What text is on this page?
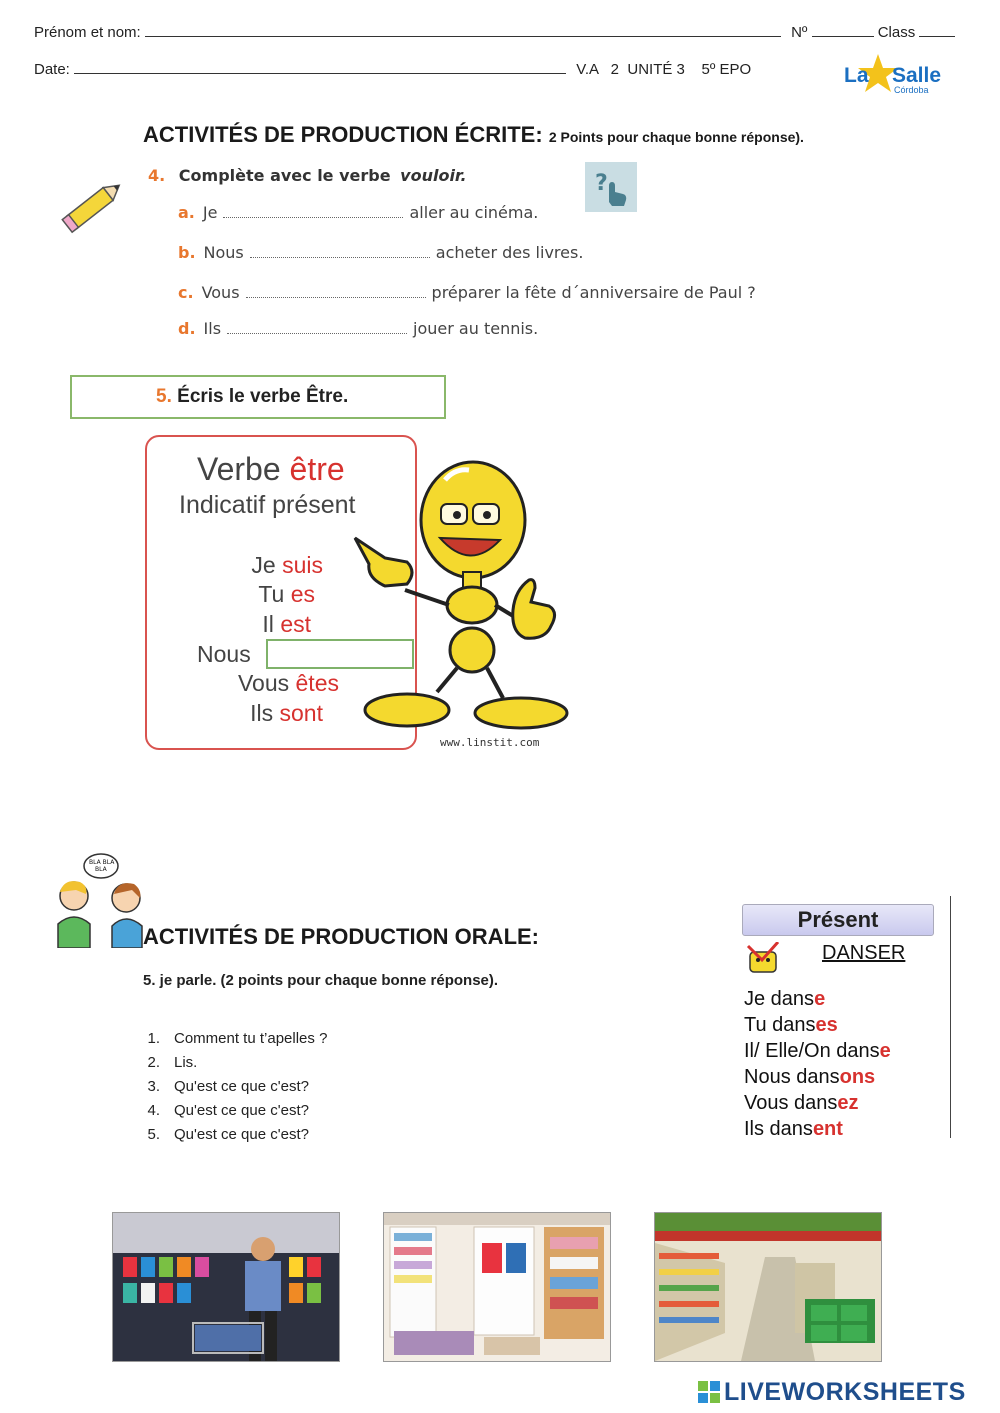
Prénom et nom:	Nº	Class
Date:	V.A   2  UNITÉ 3    5º EPO	La Salle
Córdoba
ACTIVITÉS DE PRODUCTION ÉCRITE: 2 Points pour chaque bonne réponse).
4. Complète avec le verbe vouloir.	?
a. Je	aller au cinéma.
b. Nous	acheter des livres.
c. Vous	préparer la fête d´anniversaire de Paul ?
d. Ils	jouer au tennis.
5. Écris le verbe Être.
Verbe être
Indicatif présent
Je suis
Tu es
Il est
Nous
Vous êtes
Ils sont
www.linstit.com
BLA BLA
BLA
ACTIVITÉS DE PRODUCTION ORALE:
5. je parle. (2 points pour chaque bonne réponse).
1. Comment tu t’apelles ?
2. Lis.
3. Qu'est ce que c'est?
4. Qu'est ce que c'est?
5. Qu'est ce que c'est?
Présent
DANSER
Je danse
Tu danses
Il/ Elle/On danse
Nous dansons
Vous dansez
Ils dansent
LIVEWORKSHEETS
